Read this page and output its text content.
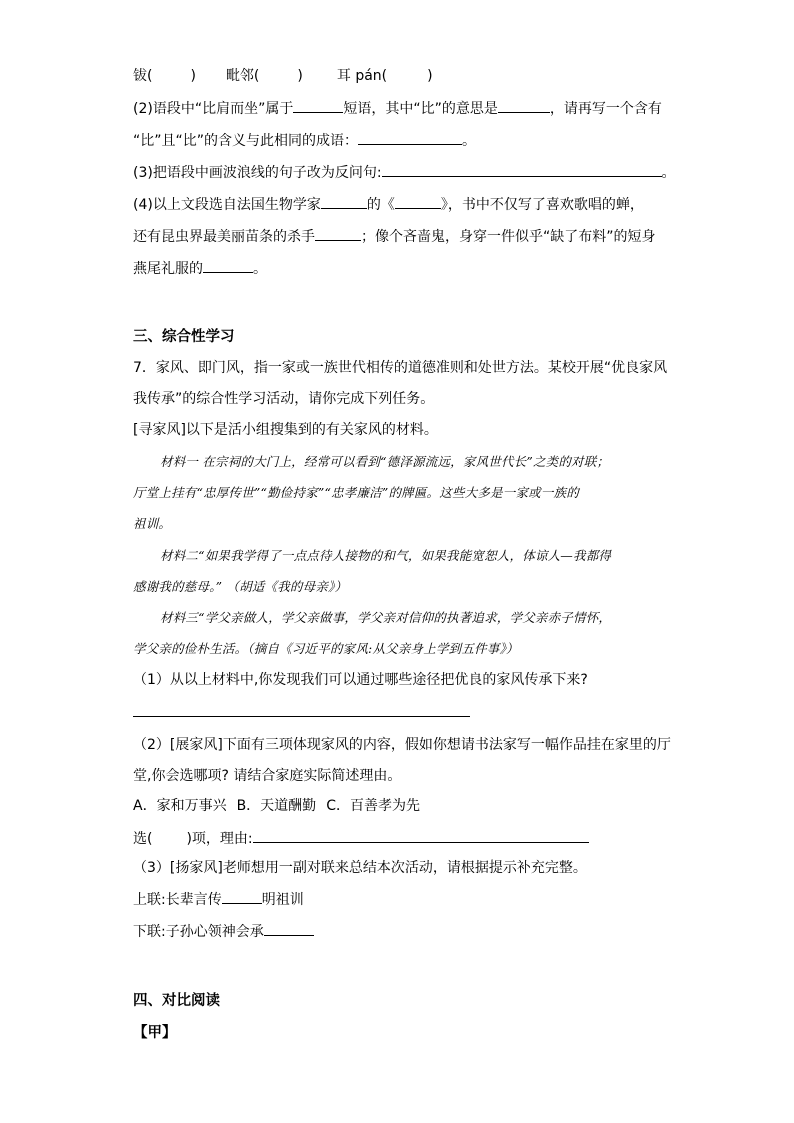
钹(	) 毗邻(	) 耳 pán(	)
(2)语段中“比肩而坐”属于	短语，其中“比”的意思是	，请再写一个含有
“比”且“比”的含义与此相同的成语：	。
(3)把语段中画波浪线的句子改为反问句:	。
(4)以上文段选自法国生物学家	的《	》，书中不仅写了喜欢歌唱的蝉，
还有昆虫界最美丽苗条的杀手	；像个吝啬鬼，身穿一件似乎“缺了布料”的短身
燕尾礼服的	。
三、综合性学习
7．家风、即门风，指一家或一族世代相传的道德准则和处世方法。某校开展“优良家风
我传承”的综合性学习活动，请你完成下列任务。
[寻家风]以下是活小组搜集到的有关家风的材料。
材料一 在宗祠的大门上，经常可以看到“德泽源流远，家风世代长”之类的对联；
厅堂上挂有“忠厚传世”“勤俭持家”“忠孝廉洁”的牌匾。这些大多是一家或一族的
祖训。
材料二“如果我学得了一点点待人接物的和气，如果我能宽恕人，体谅人—我都得
感谢我的慈母。” （胡适《我的母亲》）
材料三“学父亲做人，学父亲做事，学父亲对信仰的执著追求，学父亲赤子情怀，
学父亲的俭朴生活。（摘自《习近平的家风:从父亲身上学到五件事》）
（1）从以上材料中,你发现我们可以通过哪些途径把优良的家风传承下来?
（2）[展家风]下面有三项体现家风的内容，假如你想请书法家写一幅作品挂在家里的厅
堂,你会选哪项? 请结合家庭实际简述理由。
A．家和万事兴 B．天道酬勤 C．百善孝为先
选( )项，理由:
（3）[扬家风]老师想用一副对联来总结本次活动，请根据提示补充完整。
上联:长辈言传	明祖训
下联:子孙心领神会承
四、对比阅读
【甲】
